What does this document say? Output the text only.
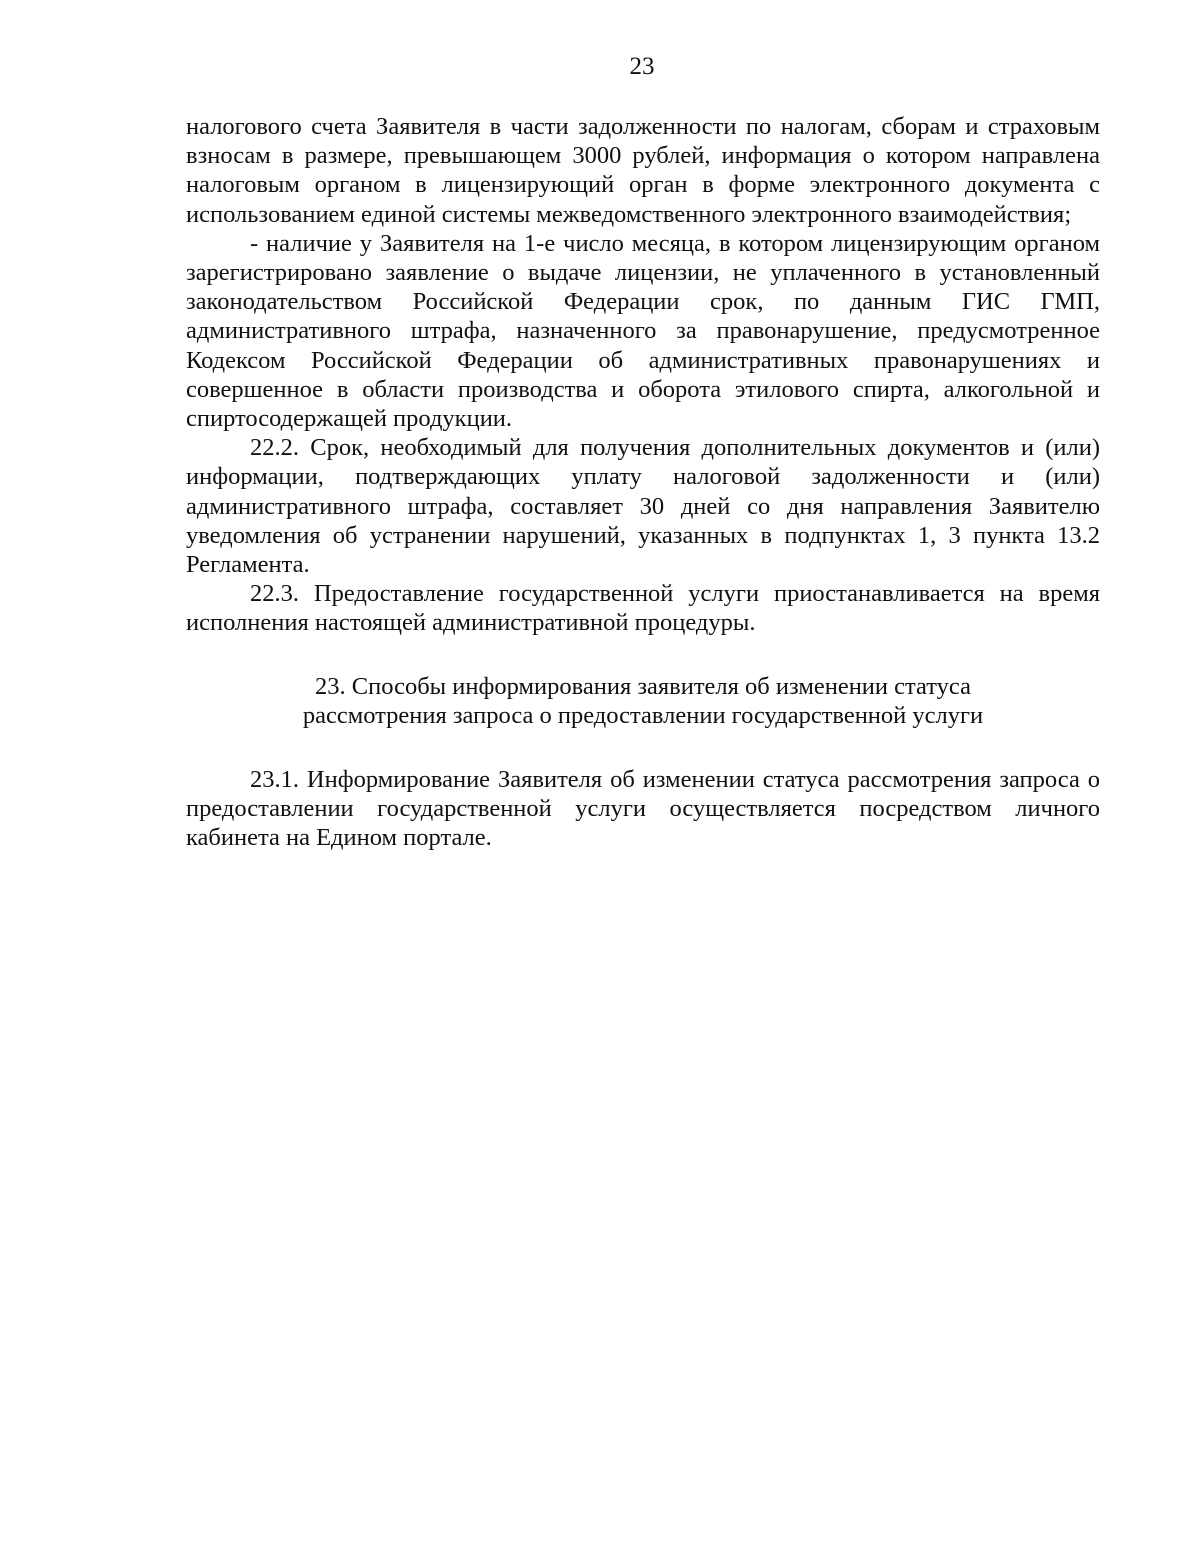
23

налогового счета Заявителя в части задолженности по налогам, сборам и страховым взносам в размере, превышающем 3000 рублей, информация о котором направлена налоговым органом в лицензирующий орган в форме электронного документа с использованием единой системы межведомственного электронного взаимодействия;

- наличие у Заявителя на 1-е число месяца, в котором лицензирующим органом зарегистрировано заявление о выдаче лицензии, не уплаченного в установленный законодательством Российской Федерации срок, по данным ГИС ГМП, административного штрафа, назначенного за правонарушение, предусмотренное Кодексом Российской Федерации об административных правонарушениях и совершенное в области производства и оборота этилового спирта, алкогольной и спиртосодержащей продукции.

22.2. Срок, необходимый для получения дополнительных документов и (или) информации, подтверждающих уплату налоговой задолженности и (или) административного штрафа, составляет 30 дней со дня направления Заявителю уведомления об устранении нарушений, указанных в подпунктах 1, 3 пункта 13.2 Регламента.

22.3. Предоставление государственной услуги приостанавливается на время исполнения настоящей административной процедуры.

23. Способы информирования заявителя об изменении статуса
рассмотрения запроса о предоставлении государственной услуги

23.1. Информирование Заявителя об изменении статуса рассмотрения запроса о предоставлении государственной услуги осуществляется посредством личного кабинета на Едином портале.
